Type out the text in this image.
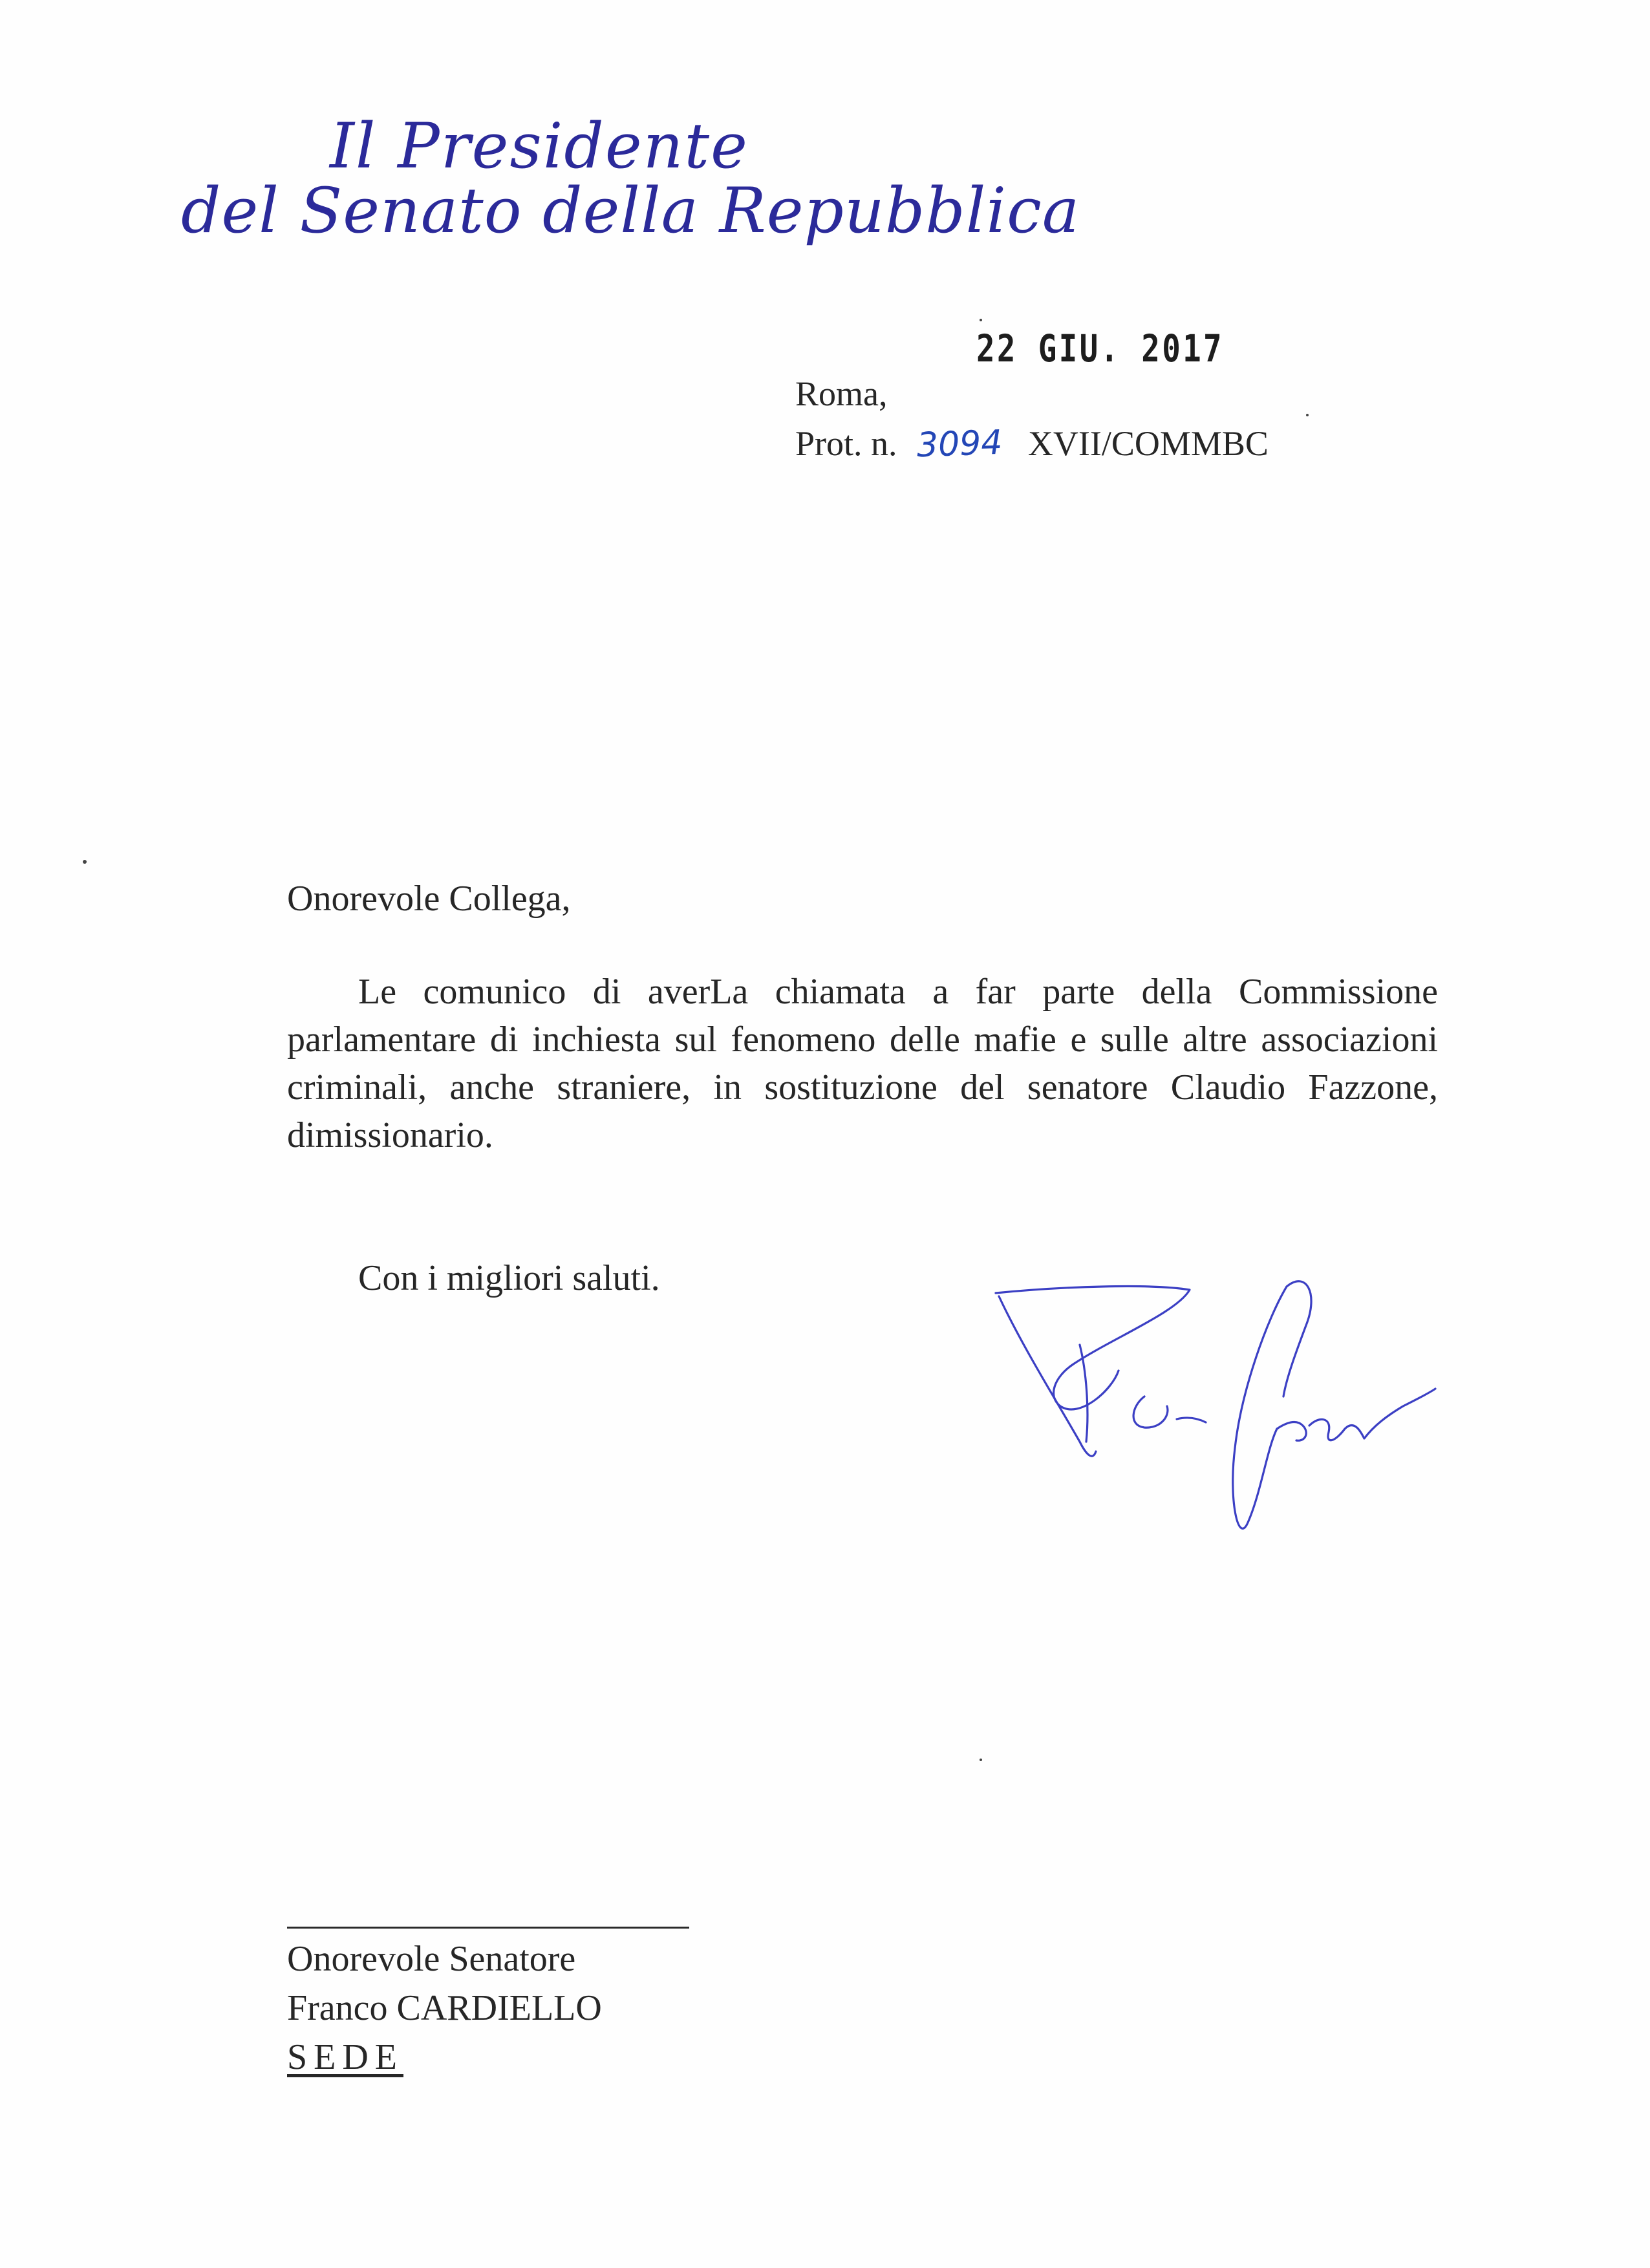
Il Presidente
del Senato della Repubblica
22 GIU. 2017
Roma,
Prot. n. 3094 XVII/COMMBC
Onorevole Collega,

Le comunico di averLa chiamata a far parte della Commissione parlamentare di inchiesta sul fenomeno delle mafie e sulle altre associazioni criminali, anche straniere, in sostituzione del senatore Claudio Fazzone, dimissionario.

Con i migliori saluti.
Onorevole Senatore
Franco CARDIELLO
SEDE
